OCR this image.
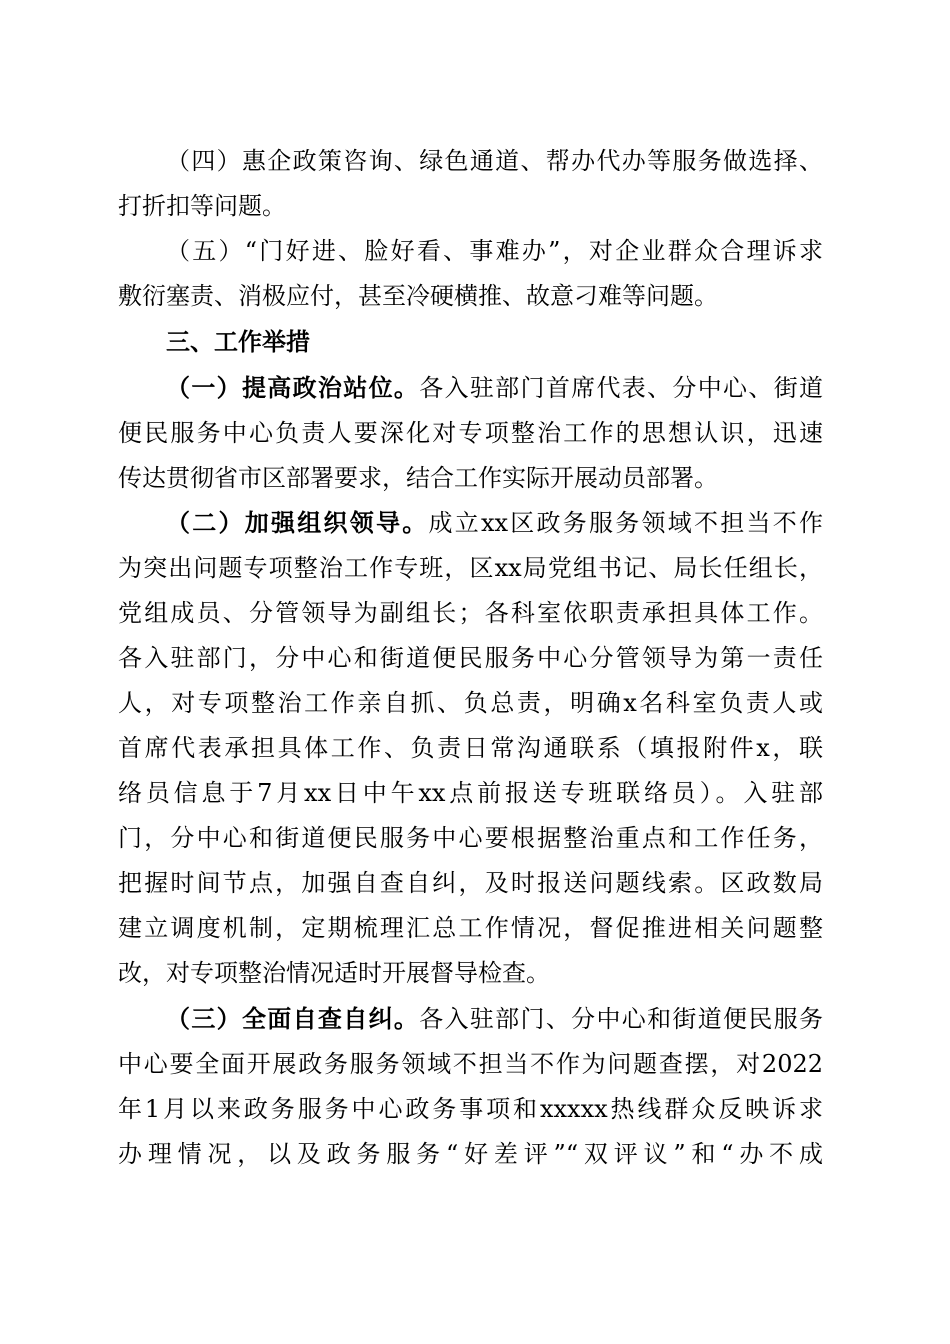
（四）惠企政策咨询、绿色通道、帮办代办等服务做选择、
打折扣等问题。
（五）“门好进、脸好看、事难办”，对企业群众合理诉求
敷衍塞责、消极应付，甚至冷硬横推、故意刁难等问题。
三、工作举措
（一）提高政治站位。各入驻部门首席代表、分中心、街道
便民服务中心负责人要深化对专项整治工作的思想认识，迅速
传达贯彻省市区部署要求，结合工作实际开展动员部署。
（二）加强组织领导。成立xx区政务服务领域不担当不作
为突出问题专项整治工作专班，区xx局党组书记、局长任组长，
党组成员、分管领导为副组长；各科室依职责承担具体工作。
各入驻部门，分中心和街道便民服务中心分管领导为第一责任
人，对专项整治工作亲自抓、负总责，明确x名科室负责人或
首席代表承担具体工作、负责日常沟通联系（填报附件x，联
络员信息于7月xx日中午xx点前报送专班联络员）。入驻部
门，分中心和街道便民服务中心要根据整治重点和工作任务，
把握时间节点，加强自查自纠，及时报送问题线索。区政数局
建立调度机制，定期梳理汇总工作情况，督促推进相关问题整
改，对专项整治情况适时开展督导检查。
（三）全面自查自纠。各入驻部门、分中心和街道便民服务
中心要全面开展政务服务领域不担当不作为问题查摆，对2022
年1月以来政务服务中心政务事项和xxxxx热线群众反映诉求
办理情况，以及政务服务“好差评”“双评议”和“办不成
